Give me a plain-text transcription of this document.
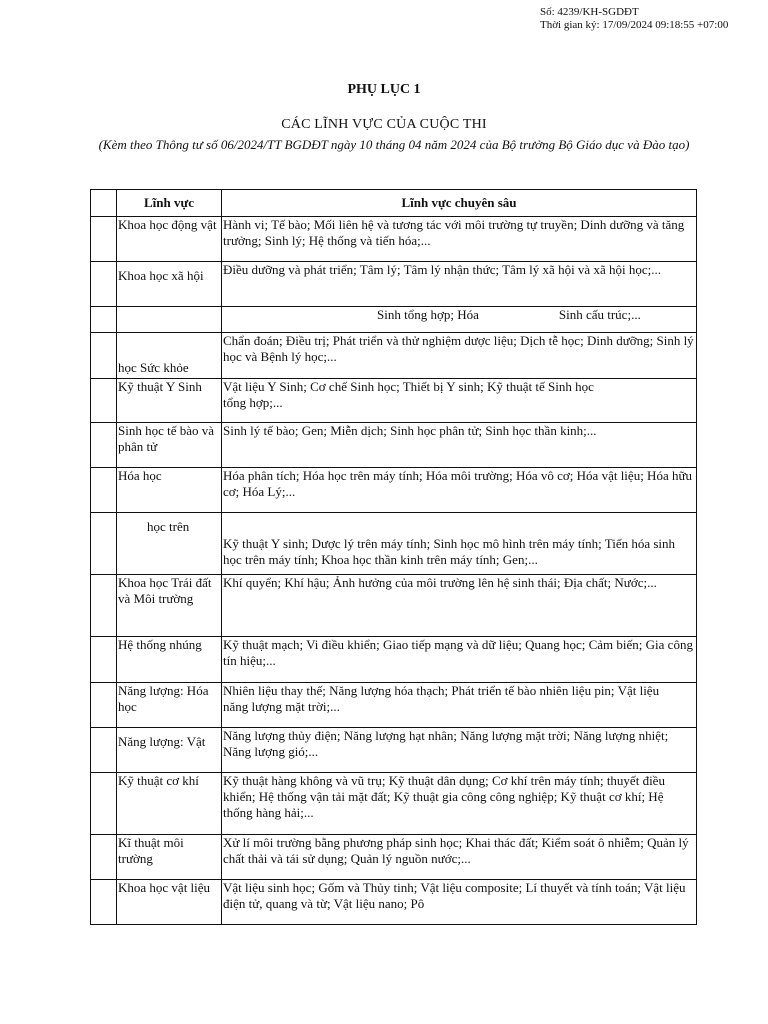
Số: 4239/KH-SGDĐT
Thời gian ký: 17/09/2024 09:18:55 +07:00
PHỤ LỤC 1
CÁC LĨNH VỰC CỦA CUỘC THI
(Kèm theo Thông tư số 06/2024/TT BGDĐT ngày 10 tháng 04 năm 2024 của Bộ trưởng Bộ Giáo dục và Đào tạo)
	Lĩnh vực	Lĩnh vực chuyên sâu
	Khoa học động vật	Hành vi; Tế bào; Mối liên hệ và tương tác với môi trường tự truyền; Dinh dưỡng và tăng trưởng; Sinh lý; Hệ thống và tiến hóa;...
	Khoa học xã hội	Điều dưỡng và phát triển; Tâm lý; Tâm lý nhận thức; Tâm lý xã hội và xã hội học;...
		Sinh tổng hợp; Hóa Sinh cấu trúc;...
	học Sức khỏe	Chẩn đoán; Điều trị; Phát triển và thử nghiệm dược liệu; Dịch tễ học; Dinh dưỡng; Sinh lý học và Bệnh lý học;...
	Kỹ thuật Y Sinh	Vật liệu Y Sinh; Cơ chế Sinh học; Thiết bị Y sinh; Kỹ thuật tế Sinh học tổng hợp;...
	Sinh học tế bào và phân tử	Sinh lý tế bào; Gen; Miễn dịch; Sinh học phân tử; Sinh học thần kinh;...
	Hóa học	Hóa phân tích; Hóa học trên máy tính; Hóa môi trường; Hóa vô cơ; Hóa vật liệu; Hóa hữu cơ; Hóa Lý;...
	học trên	Kỹ thuật Y sinh; Dược lý trên máy tính; Sinh học mô hình trên máy tính; Tiến hóa sinh học trên máy tính; Khoa học thần kinh trên máy tính; Gen;...
	Khoa học Trái đất và Môi trường	Khí quyển; Khí hậu; Ảnh hưởng của môi trường lên hệ sinh thái; Địa chất; Nước;...
	Hệ thống nhúng	Kỹ thuật mạch; Vi điều khiển; Giao tiếp mạng và dữ liệu; Quang học; Cảm biến; Gia công tín hiệu;...
	Năng lượng: Hóa học	Nhiên liệu thay thế; Năng lượng hóa thạch; Phát triển tế bào nhiên liệu pin; Vật liệu năng lượng mặt trời;...
	Năng lượng: Vật	Năng lượng thủy điện; Năng lượng hạt nhân; Năng lượng mặt trời; Năng lượng nhiệt; Năng lượng gió;...
	Kỹ thuật cơ khí	Kỹ thuật hàng không và vũ trụ; Kỹ thuật dân dụng; Cơ khí trên máy tính; thuyết điều khiển; Hệ thống vận tải mặt đất; Kỹ thuật gia công công nghiệp; Kỹ thuật cơ khí; Hệ thống hàng hải;...
	Kĩ thuật môi trường	Xử lí môi trường bằng phương pháp sinh học; Khai thác đất; Kiểm soát ô nhiễm; Quản lý chất thải và tái sử dụng; Quản lý nguồn nước;...
	Khoa học vật liệu	Vật liệu sinh học; Gốm và Thủy tinh; Vật liệu composite; Lí thuyết và tính toán; Vật liệu điện tử, quang và từ; Vật liệu nano; Pô
